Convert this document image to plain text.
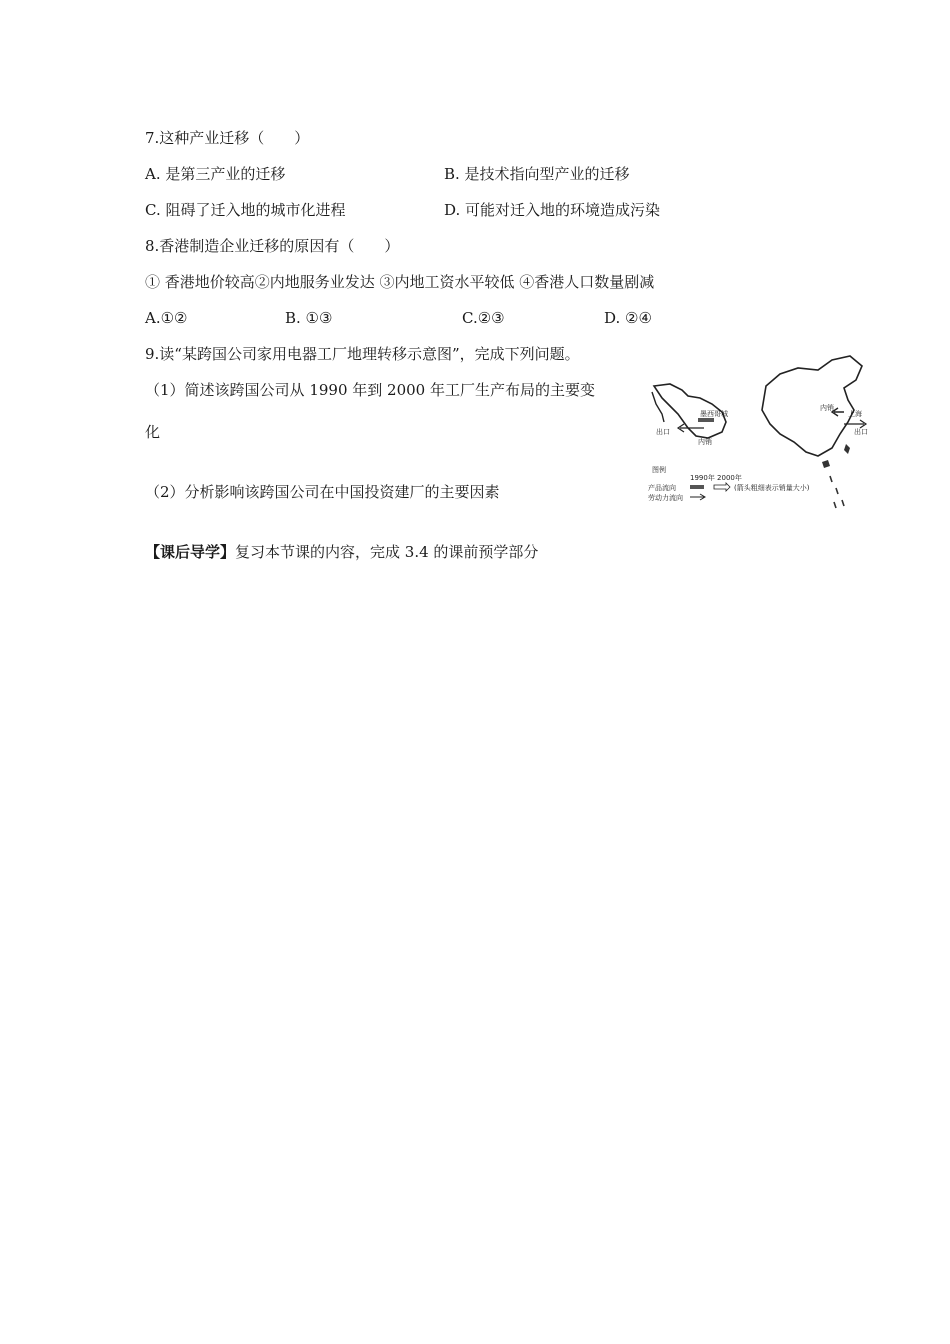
7.这种产业迁移（　　）
A. 是第三产业的迁移	B. 是技术指向型产业的迁移
C. 阻碍了迁入地的城市化进程	D. 可能对迁入地的环境造成污染
8.香港制造企业迁移的原因有（　　）
① 香港地价较高②内地服务业发达 ③内地工资水平较低 ④香港人口数量剧减
A.①②	B. ①③	C.②③	D. ②④
9.读“某跨国公司家用电器工厂地理转移示意图”，完成下列问题。
（1）简述该跨国公司从 1990 年到 2000 年工厂生产布局的主要变
化
（2）分析影响该跨国公司在中国投资建厂的主要因素
墨西哥城
出口
内销
内销
上海
出口
图例
1990年 2000年
产品流向	(箭头粗细表示销量大小)
劳动力流向
【课后导学】复习本节课的内容，完成 3.4 的课前预学部分
